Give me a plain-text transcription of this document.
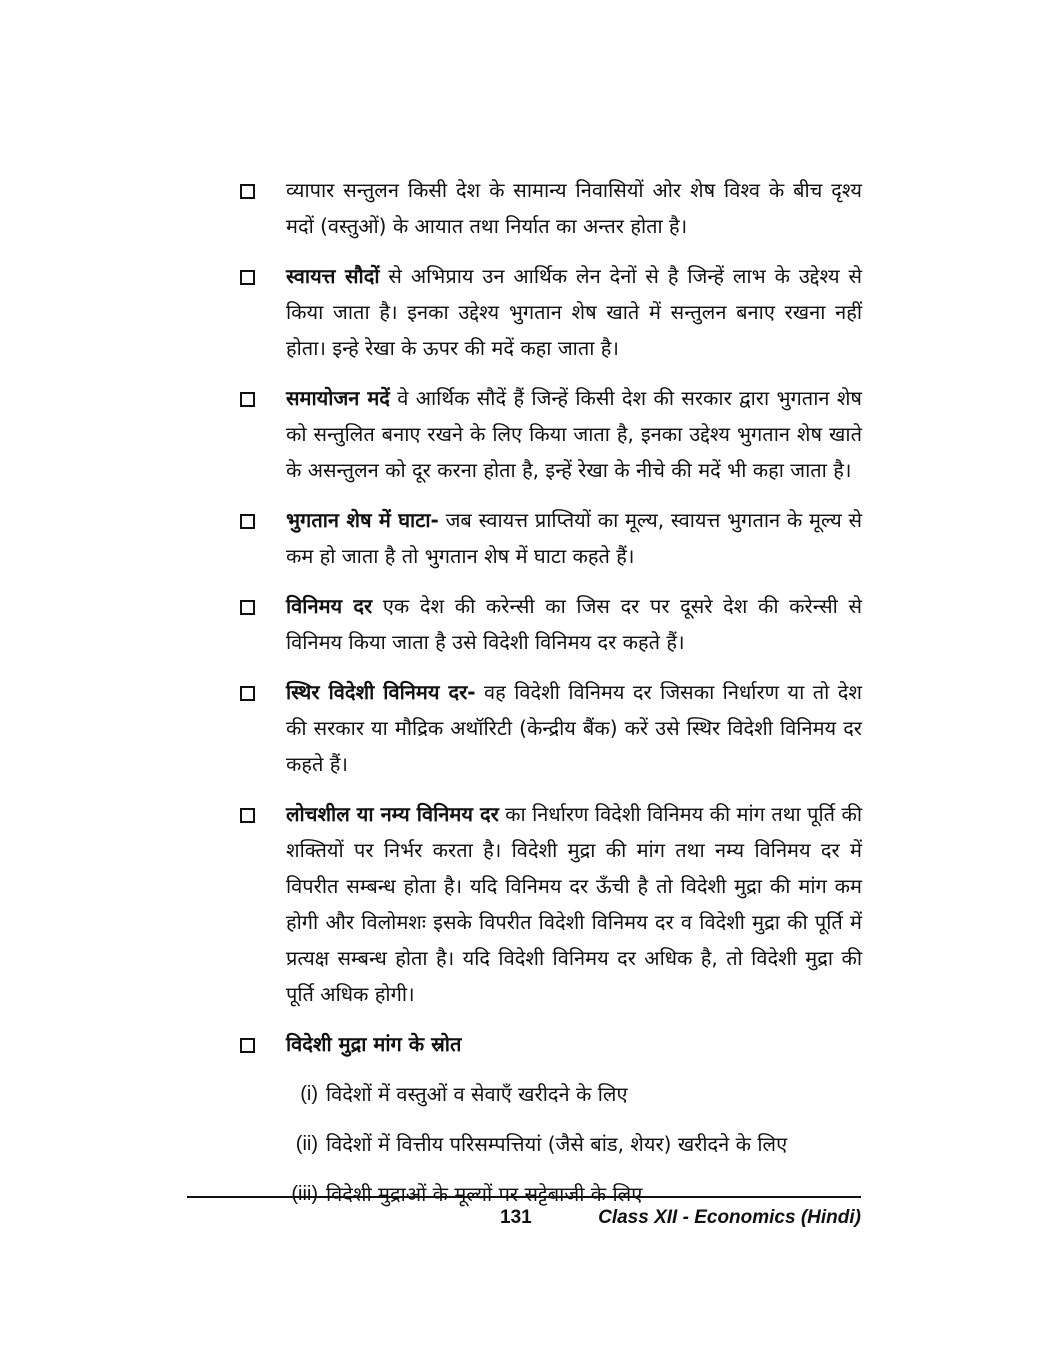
व्यापार सन्तुलन किसी देश के सामान्य निवासियों ओर शेष विश्व के बीच दृश्य मदों (वस्तुओं) के आयात तथा निर्यात का अन्तर होता है।
स्वायत्त सौदों से अभिप्राय उन आर्थिक लेन देनों से है जिन्हें लाभ के उद्देश्य से किया जाता है। इनका उद्देश्य भुगतान शेष खाते में सन्तुलन बनाए रखना नहीं होता। इन्हे रेखा के ऊपर की मदें कहा जाता है।
समायोजन मदें वे आर्थिक सौदें हैं जिन्हें किसी देश की सरकार द्वारा भुगतान शेष को सन्तुलित बनाए रखने के लिए किया जाता है, इनका उद्देश्य भुगतान शेष खाते के असन्तुलन को दूर करना होता है, इन्हें रेखा के नीचे की मदें भी कहा जाता है।
भुगतान शेष में घाटा- जब स्वायत्त प्राप्तियों का मूल्य, स्वायत्त भुगतान के मूल्य से कम हो जाता है तो भुगतान शेष में घाटा कहते हैं।
विनिमय दर एक देश की करेन्सी का जिस दर पर दूसरे देश की करेन्सी से विनिमय किया जाता है उसे विदेशी विनिमय दर कहते हैं।
स्थिर विदेशी विनिमय दर- वह विदेशी विनिमय दर जिसका निर्धारण या तो देश की सरकार या मौद्रिक अथॉरिटी (केन्द्रीय बैंक) करें उसे स्थिर विदेशी विनिमय दर कहते हैं।
लोचशील या नम्य विनिमय दर का निर्धारण विदेशी विनिमय की मांग तथा पूर्ति की शक्तियों पर निर्भर करता है। विदेशी मुद्रा की मांग तथा नम्य विनिमय दर में विपरीत सम्बन्ध होता है। यदि विनिमय दर ऊँची है तो विदेशी मुद्रा की मांग कम होगी और विलोमशः इसके विपरीत विदेशी विनिमय दर व विदेशी मुद्रा की पूर्ति में प्रत्यक्ष सम्बन्ध होता है। यदि विदेशी विनिमय दर अधिक है, तो विदेशी मुद्रा की पूर्ति अधिक होगी।
विदेशी मुद्रा मांग के स्रोत
(i) विदेशों में वस्तुओं व सेवाएँ खरीदने के लिए
(ii) विदेशों में वित्तीय परिसम्पत्तियां (जैसे बांड, शेयर) खरीदने के लिए
(iii) विदेशी मुद्राओं के मूल्यों पर सट्टेबाजी के लिए
131	Class XII - Economics (Hindi)
